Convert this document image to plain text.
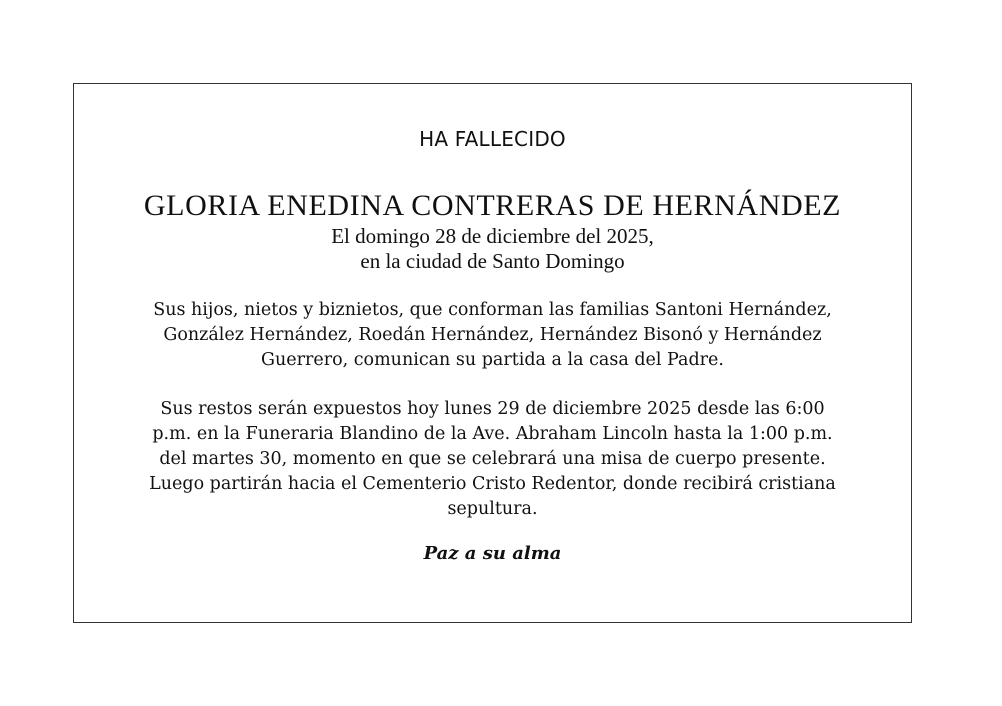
HA FALLECIDO
GLORIA ENEDINA CONTRERAS DE HERNÁNDEZ
El domingo 28 de diciembre del 2025,
en la ciudad de Santo Domingo
Sus hijos, nietos y biznietos, que conforman las familias Santoni Hernández,
González Hernández, Roedán Hernández, Hernández Bisonó y Hernández
Guerrero, comunican su partida a la casa del Padre.
Sus restos serán expuestos hoy lunes 29 de diciembre 2025 desde las 6:00
p.m. en la Funeraria Blandino de la Ave. Abraham Lincoln hasta la 1:00 p.m.
del martes 30, momento en que se celebrará una misa de cuerpo presente.
Luego partirán hacia el Cementerio Cristo Redentor, donde recibirá cristiana
sepultura.
Paz a su alma
